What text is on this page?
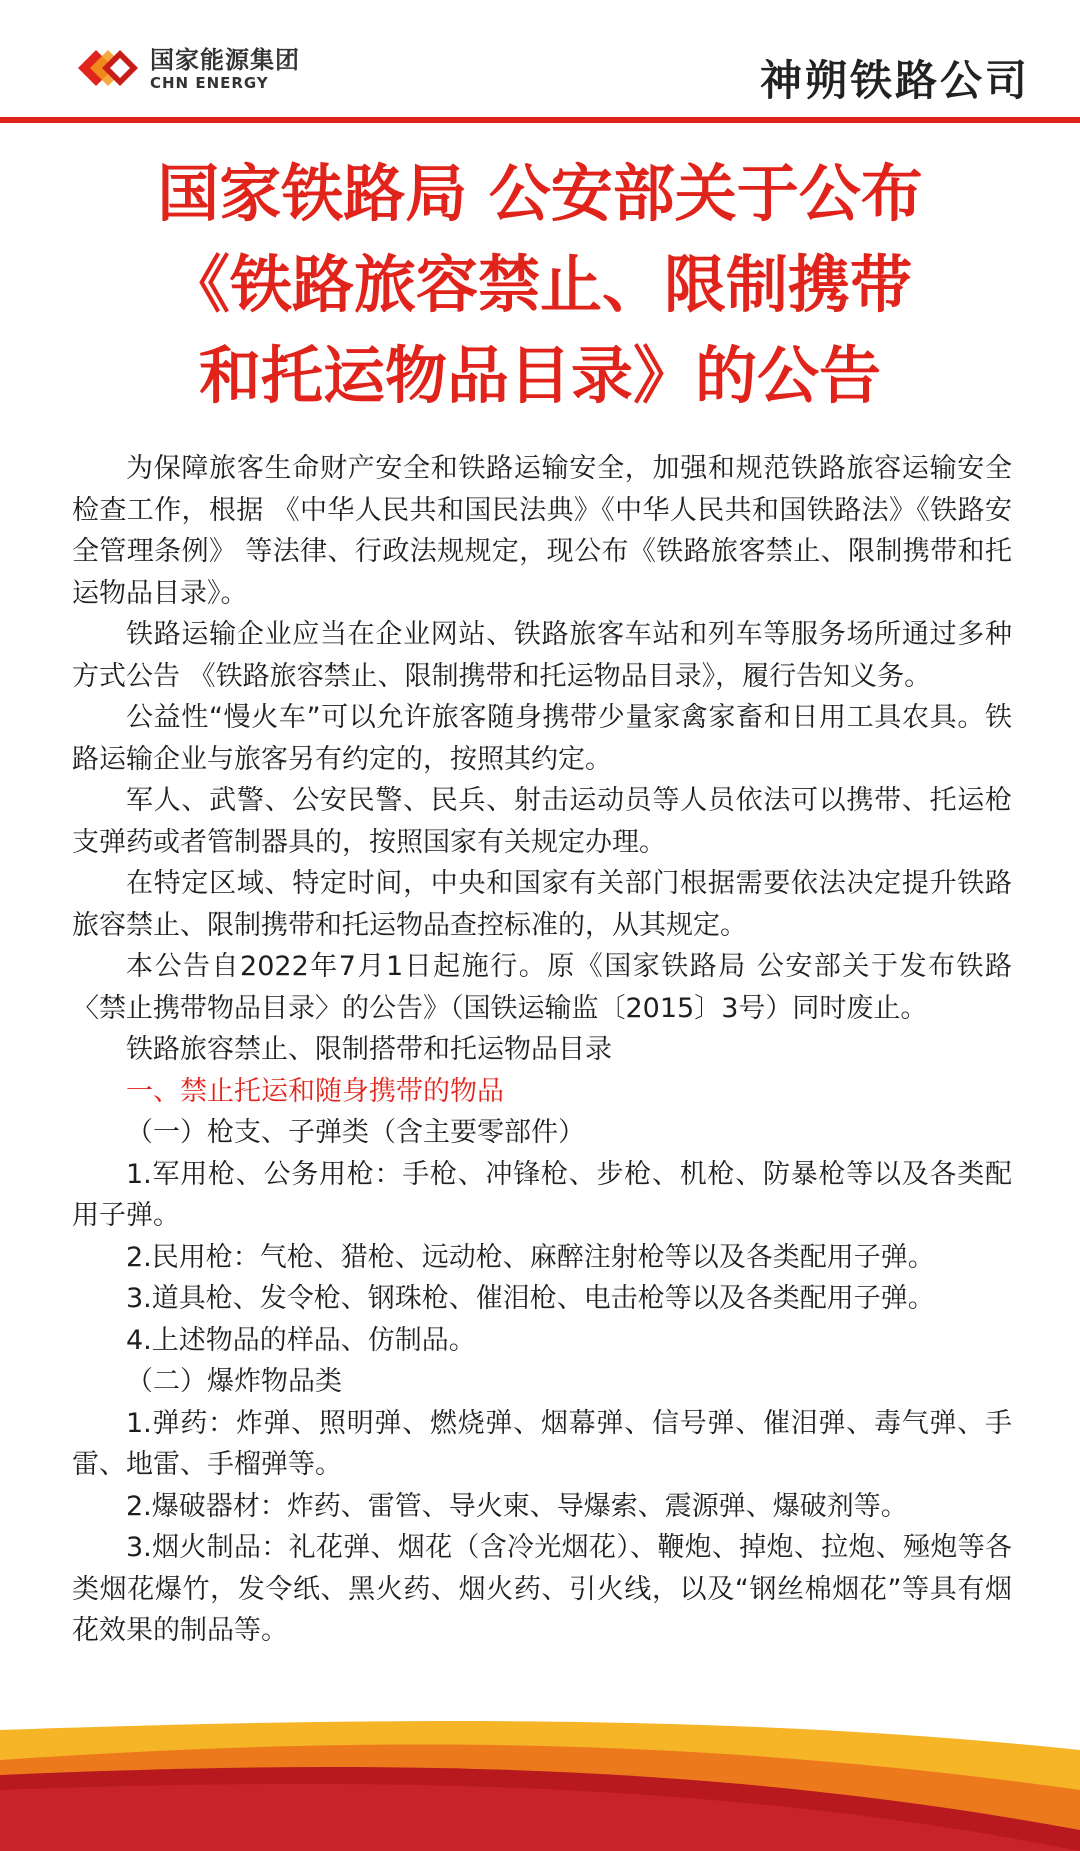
国家能源集团
CHN ENERGY	神朔铁路公司
国家铁路局 公安部关于公布
《铁路旅容禁止、限制携带
和托运物品目录》的公告

为保障旅客生命财产安全和铁路运输安全，加强和规范铁路旅容运输安全检查工作，根据 《中华人民共和国民法典》《中华人民共和国铁路法》《铁路安全管理条例》 等法律、行政法规规定，现公布《铁路旅客禁止、限制携带和托运物品目录》。

铁路运输企业应当在企业网站、铁路旅客车站和列车等服务场所通过多种方式公告 《铁路旅容禁止、限制携带和托运物品目录》，履行告知义务。

公益性“慢火车”可以允许旅客随身携带少量家禽家畜和日用工具农具。铁路运输企业与旅客另有约定的，按照其约定。

军人、武警、公安民警、民兵、射击运动员等人员依法可以携带、托运枪支弹药或者管制器具的，按照国家有关规定办理。

在特定区域、特定时间，中央和国家有关部门根据需要依法决定提升铁路旅容禁止、限制携带和托运物品查控标准的，从其规定。

本公告自2022年7月1日起施行。原《国家铁路局 公安部关于发布铁路〈禁止携带物品目录〉的公告》（国铁运输监〔2015〕3号）同时废止。

铁路旅容禁止、限制搭带和托运物品目录

一、禁止托运和随身携带的物品

（一）枪支、子弹类（含主要零部件）

1.军用枪、公务用枪：手枪、冲锋枪、步枪、机枪、防暴枪等以及各类配用子弹。

2.民用枪：气枪、猎枪、远动枪、麻醉注射枪等以及各类配用子弹。

3.道具枪、发令枪、钢珠枪、催泪枪、电击枪等以及各类配用子弹。

4.上述物品的样品、仿制品。

（二）爆炸物品类

1.弹药：炸弹、照明弹、燃烧弹、烟幕弹、信号弹、催泪弹、毒气弹、手雷、地雷、手榴弹等。

2.爆破器材：炸药、雷管、导火柬、导爆索、震源弹、爆破剂等。

3.烟火制品：礼花弹、烟花（含冷光烟花）、鞭炮、掉炮、拉炮、殛炮等各类烟花爆竹，发令纸、黑火药、烟火药、引火线，以及“钢丝棉烟花”等具有烟花效果的制品等。
